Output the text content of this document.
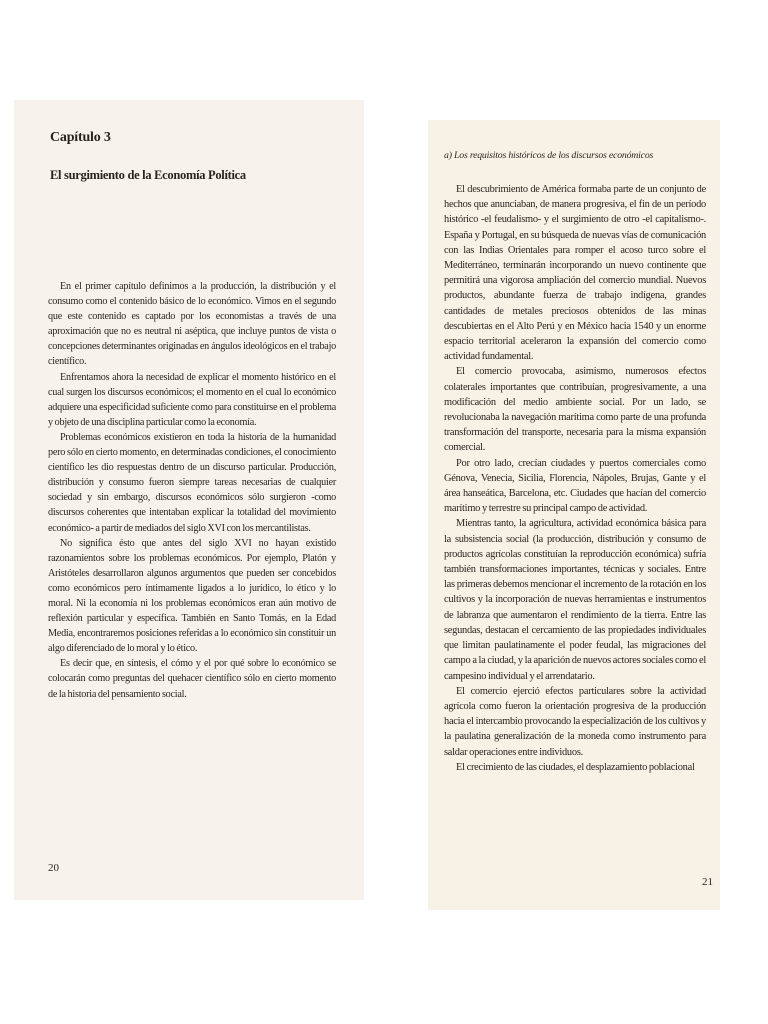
Capítulo 3
El surgimiento de la Economía Política

En el primer capítulo definimos a la producción, la distribución y el consumo como el contenido básico de lo económico. Vimos en el segundo que este contenido es captado por los economistas a través de una aproximación que no es neutral ni aséptica, que incluye puntos de vista o concepciones determinantes originadas en ángulos ideológicos en el trabajo científico.

Enfrentamos ahora la necesidad de explicar el momento histórico en el cual surgen los discursos económicos; el momento en el cual lo económico adquiere una especificidad suficiente como para constituirse en el problema y objeto de una disciplina particular como la economía.

Problemas económicos existieron en toda la historia de la humanidad pero sólo en cierto momento, en determinadas condiciones, el conocimiento científico les dio respuestas dentro de un discurso particular. Producción, distribución y consumo fueron siempre tareas necesarias de cualquier sociedad y sin embargo, discursos económicos sólo surgieron -como discursos coherentes que intentaban explicar la totalidad del movimiento económico- a partir de mediados del siglo XVI con los mercantilistas.

No significa ésto que antes del siglo XVI no hayan existido razonamientos sobre los problemas económicos. Por ejemplo, Platón y Aristóteles desarrollaron algunos argumentos que pueden ser concebidos como económicos pero íntimamente ligados a lo jurídico, lo ético y lo moral. Ni la economía ni los problemas económicos eran aún motivo de reflexión particular y específica. También en Santo Tomás, en la Edad Media, encontraremos posiciones referidas a lo económico sin constituir un algo diferenciado de lo moral y lo ético.

Es decir que, en síntesis, el cómo y el por qué sobre lo económico se colocarán como preguntas del quehacer científico sólo en cierto momento de la historia del pensamiento social.

20
a) Los requisitos históricos de los discursos económicos

El descubrimiento de América formaba parte de un conjunto de hechos que anunciaban, de manera progresiva, el fin de un período histórico -el feudalismo- y el surgimiento de otro -el capitalismo-. España y Portugal, en su búsqueda de nuevas vías de comunicación con las Indias Orientales para romper el acoso turco sobre el Mediterráneo, terminarán incorporando un nuevo continente que permitirá una vigorosa ampliación del comercio mundial. Nuevos productos, abundante fuerza de trabajo indígena, grandes cantidades de metales preciosos obtenidos de las minas descubiertas en el Alto Perú y en México hacia 1540 y un enorme espacio territorial aceleraron la expansión del comercio como actividad fundamental.

El comercio provocaba, asimismo, numerosos efectos colaterales importantes que contribuían, progresivamente, a una modificación del medio ambiente social. Por un lado, se revolucionaba la navegación marítima como parte de una profunda transformación del transporte, necesaria para la misma expansión comercial.

Por otro lado, crecían ciudades y puertos comerciales como Génova, Venecia, Sicilia, Florencia, Nápoles, Brujas, Gante y el área hanseática, Barcelona, etc. Ciudades que hacían del comercio marítimo y terrestre su principal campo de actividad.

Mientras tanto, la agricultura, actividad económica básica para la subsistencia social (la producción, distribución y consumo de productos agrícolas constituían la reproducción económica) sufría también transformaciones importantes, técnicas y sociales. Entre las primeras debemos mencionar el incremento de la rotación en los cultivos y la incorporación de nuevas herramientas e instrumentos de labranza que aumentaron el rendimiento de la tierra. Entre las segundas, destacan el cercamiento de las propiedades individuales que limitan paulatinamente el poder feudal, las migraciones del campo a la ciudad, y la aparición de nuevos actores sociales como el campesino individual y el arrendatario.

El comercio ejerció efectos particulares sobre la actividad agrícola como fueron la orientación progresiva de la producción hacia el intercambio provocando la especialización de los cultivos y la paulatina generalización de la moneda como instrumento para saldar operaciones entre individuos.

El crecimiento de las ciudades, el desplazamiento poblacional

21
